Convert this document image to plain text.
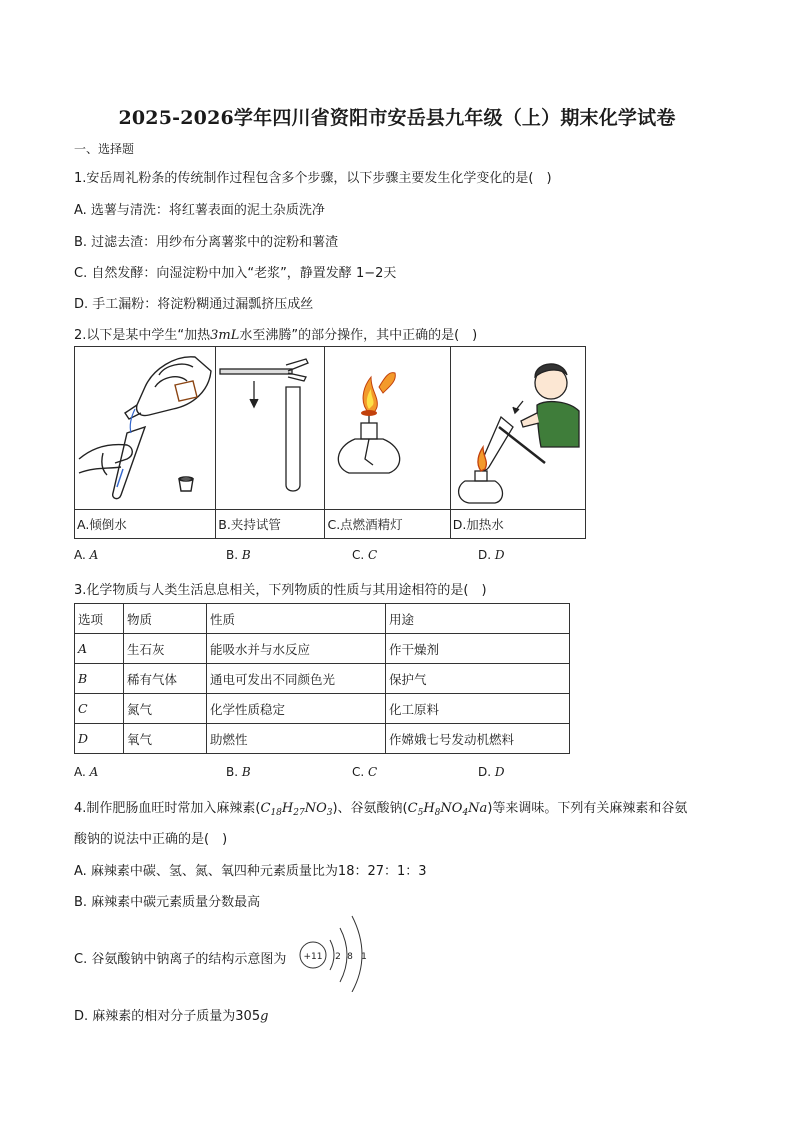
2025-2026学年四川省资阳市安岳县九年级（上）期末化学试卷
一、选择题
1.安岳周礼粉条的传统制作过程包含多个步骤，以下步骤主要发生化学变化的是(　)
A. 选薯与清洗：将红薯表面的泥土杂质洗净
B. 过滤去渣：用纱布分离薯浆中的淀粉和薯渣
C. 自然发酵：向湿淀粉中加入“老浆”，静置发酵 1−2天
D. 手工漏粉：将淀粉糊通过漏瓢挤压成丝
2.以下是某中学生“加热3mL水至沸腾”的部分操作，其中正确的是(　)

A.倾倒水	B.夹持试管	C.点燃酒精灯	D.加热水
A. A	B. B	C. C	D. D
3.化学物质与人类生活息息相关，下列物质的性质与其用途相符的是(　)
选项	物质	性质	用途
A	生石灰	能吸水并与水反应	作干燥剂
B	稀有气体	通电可发出不同颜色光	保护气
C	氮气	化学性质稳定	化工原料
D	氧气	助燃性	作嫦娥七号发动机燃料
A. A	B. B	C. C	D. D
4.制作肥肠血旺时常加入麻辣素$(C_{18}H_{27}NO_3)$、谷氨酸钠$(C_5H_8NO_4Na)$等来调味。下列有关麻辣素和谷氨
酸钠的说法中正确的是(　)
A. 麻辣素中碳、氢、氮、氧四种元素质量比为18：27：1：3
B. 麻辣素中碳元素质量分数最高
C. 谷氨酸钠中钠离子的结构示意图为 +11 2 8 1
D. 麻辣素的相对分子质量为305g
